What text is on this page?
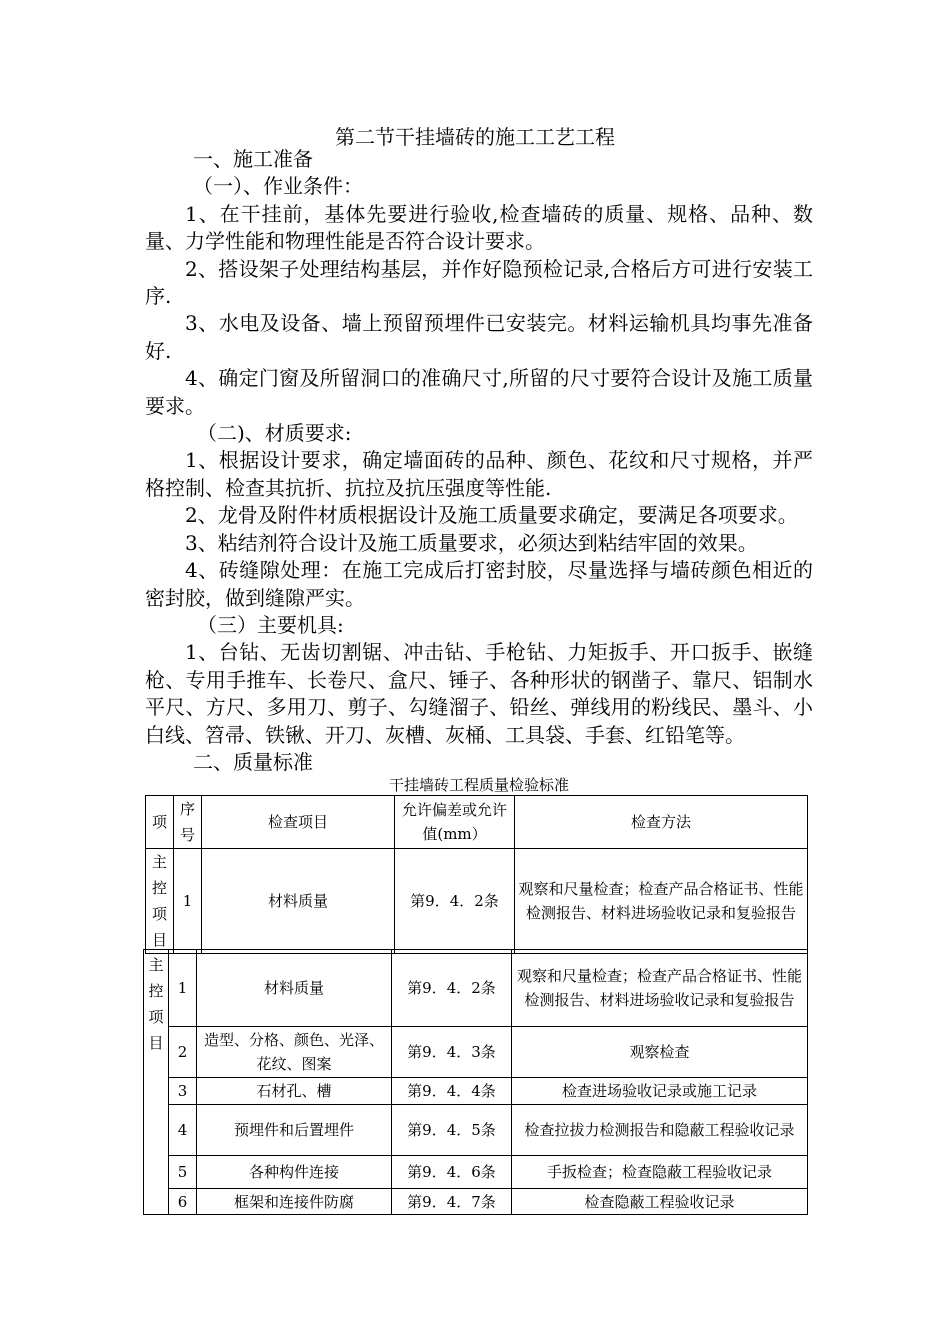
第二节干挂墙砖的施工工艺工程

一、施工准备

（一）、作业条件：

1、在干挂前，基体先要进行验收,检查墙砖的质量、规格、品种、数量、力学性能和物理性能是否符合设计要求。

2、搭设架子处理结构基层，并作好隐预检记录,合格后方可进行安装工序.

3、水电及设备、墙上预留预埋件已安装完。材料运输机具均事先准备好.

4、确定门窗及所留洞口的准确尺寸,所留的尺寸要符合设计及施工质量要求。

（二)、材质要求:

1、根据设计要求，确定墙面砖的品种、颜色、花纹和尺寸规格，并严格控制、检查其抗折、抗拉及抗压强度等性能.

2、龙骨及附件材质根据设计及施工质量要求确定，要满足各项要求。

3、粘结剂符合设计及施工质量要求，必须达到粘结牢固的效果。

4、砖缝隙处理：在施工完成后打密封胶，尽量选择与墙砖颜色相近的密封胶，做到缝隙严实。

（三）主要机具:

1、台钻、无齿切割锯、冲击钻、手枪钻、力矩扳手、开口扳手、嵌缝枪、专用手推车、长卷尺、盒尺、锤子、各种形状的钢凿子、靠尺、铝制水平尺、方尺、多用刀、剪子、勾缝溜子、铅丝、弹线用的粉线民、墨斗、小白线、笤帚、铁锹、开刀、灰槽、灰桶、工具袋、手套、红铅笔等。

二、质量标准

干挂墙砖工程质量检验标准
项	序号	检查项目	允许偏差或允许值(mm）	检查方法
主控项目	1	材料质量	第9．4．2条	观察和尺量检查；检查产品合格证书、性能检测报告、材料进场验收记录和复验报告
主控项目	1	材料质量	第9．4．2条	观察和尺量检查；检查产品合格证书、性能检测报告、材料进场验收记录和复验报告
	2	造型、分格、颜色、光泽、花纹、图案	第9．4．3条	观察检查
	3	石材孔、槽	第9．4．4条	检查进场验收记录或施工记录
	4	预埋件和后置埋件	第9．4．5条	检查拉拔力检测报告和隐蔽工程验收记录
	5	各种构件连接	第9．4．6条	手扳检查；检查隐蔽工程验收记录
	6	框架和连接件防腐	第9．4．7条	检查隐蔽工程验收记录
